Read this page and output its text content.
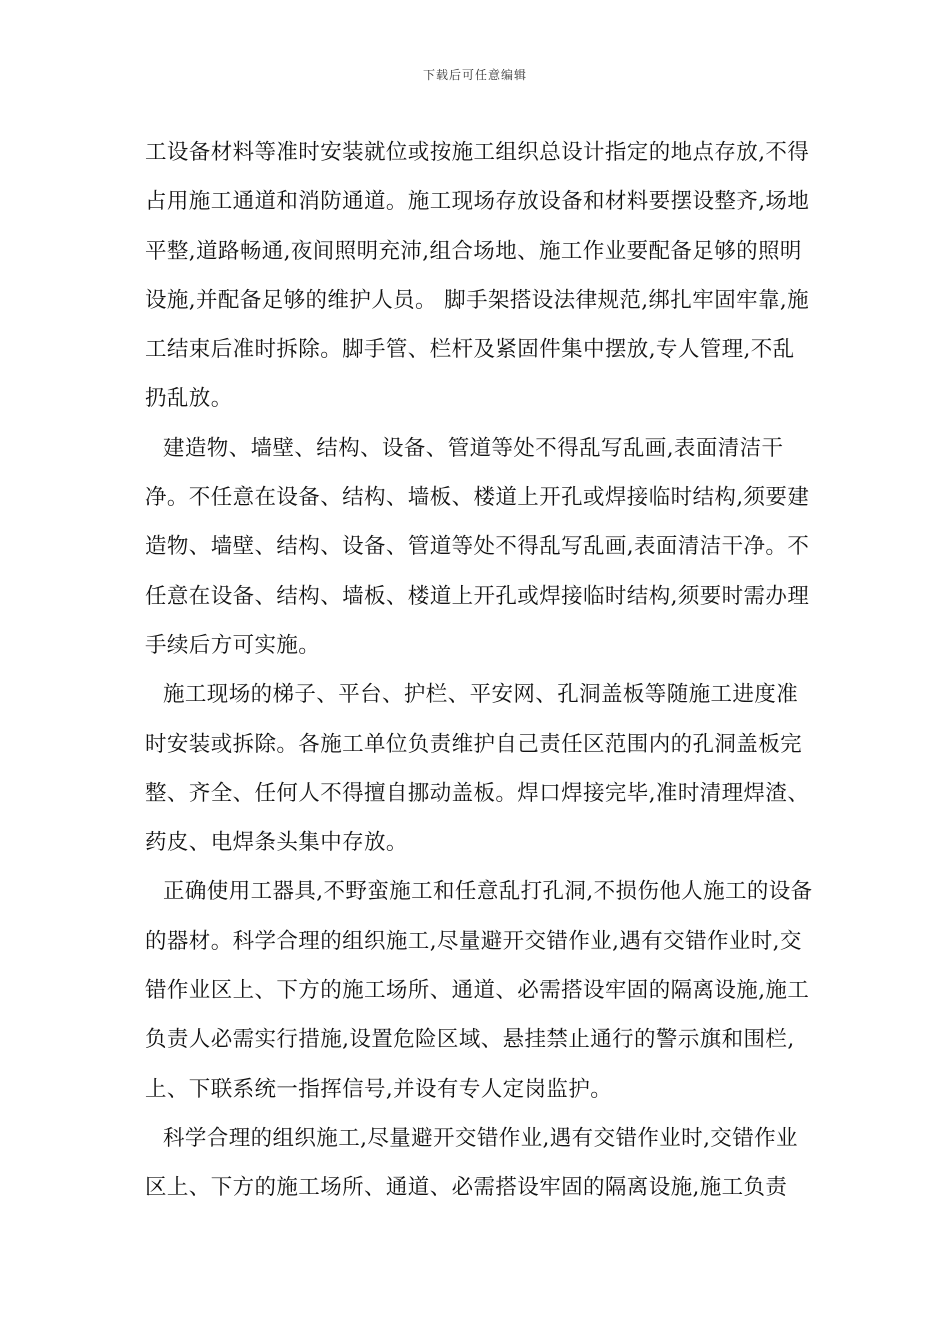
下载后可任意编辑

工设备材料等准时安装就位或按施工组织总设计指定的地点存放,不得占用施工通道和消防通道。施工现场存放设备和材料要摆设整齐,场地平整,道路畅通,夜间照明充沛,组合场地、施工作业要配备足够的照明设施,并配备足够的维护人员。 脚手架搭设法律规范,绑扎牢固牢靠,施工结束后准时拆除。脚手管、栏杆及紧固件集中摆放,专人管理,不乱扔乱放。

建造物、墙壁、结构、设备、管道等处不得乱写乱画,表面清洁干净。不任意在设备、结构、墙板、楼道上开孔或焊接临时结构,须要建造物、墙壁、结构、设备、管道等处不得乱写乱画,表面清洁干净。不任意在设备、结构、墙板、楼道上开孔或焊接临时结构,须要时需办理手续后方可实施。

施工现场的梯子、平台、护栏、平安网、孔洞盖板等随施工进度准时安装或拆除。各施工单位负责维护自己责任区范围内的孔洞盖板完整、齐全、任何人不得擅自挪动盖板。焊口焊接完毕,准时清理焊渣、药皮、电焊条头集中存放。

正确使用工器具,不野蛮施工和任意乱打孔洞,不损伤他人施工的设备的器材。科学合理的组织施工,尽量避开交错作业,遇有交错作业时,交错作业区上、下方的施工场所、通道、必需搭设牢固的隔离设施,施工负责人必需实行措施,设置危险区域、悬挂禁止通行的警示旗和围栏,上、下联系统一指挥信号,并设有专人定岗监护。

科学合理的组织施工,尽量避开交错作业,遇有交错作业时,交错作业区上、下方的施工场所、通道、必需搭设牢固的隔离设施,施工负责
